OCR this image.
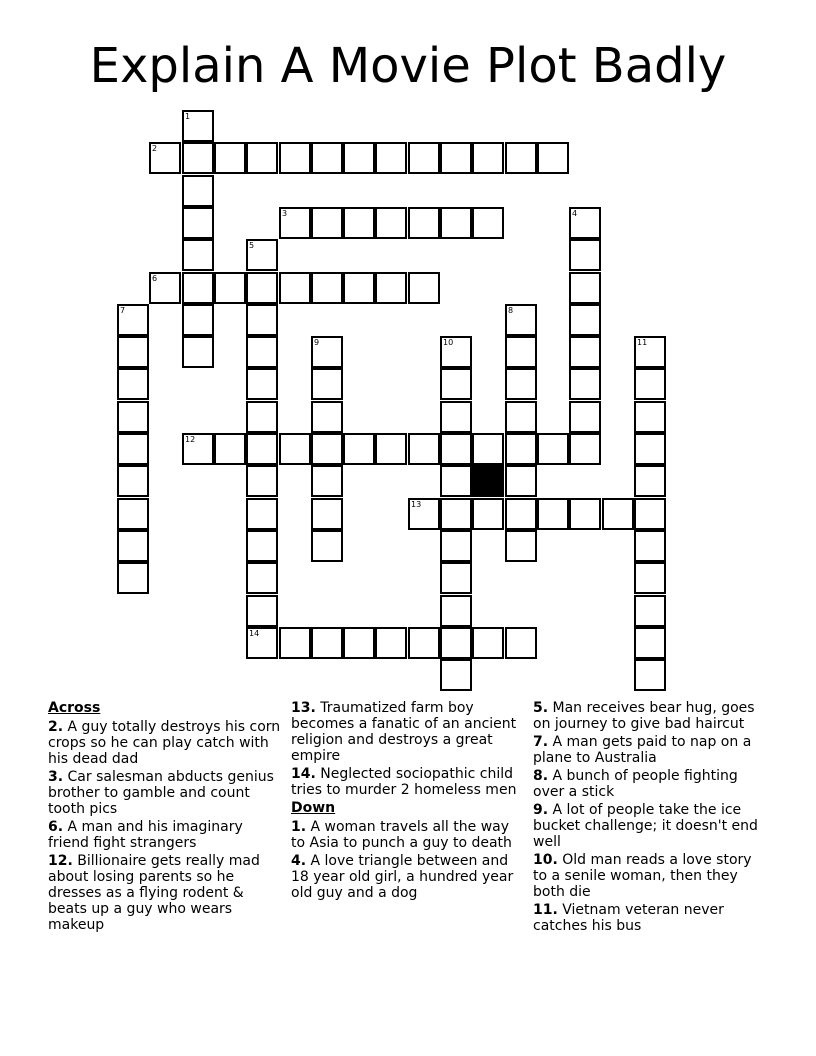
Explain A Movie Plot Badly
1
2
3	4
5
6
7	8
9	10	11
12
13
14
Across
2. A guy totally destroys his corn crops so he can play catch with his dead dad
3. Car salesman abducts genius brother to gamble and count tooth pics
6. A man and his imaginary friend fight strangers
12. Billionaire gets really mad about losing parents so he dresses as a flying rodent & beats up a guy who wears makeup
13. Traumatized farm boy becomes a fanatic of an ancient religion and destroys a great empire
14. Neglected sociopathic child tries to murder 2 homeless men
Down
1. A woman travels all the way to Asia to punch a guy to death
4. A love triangle between and 18 year old girl, a hundred year old guy and a dog
5. Man receives bear hug, goes on journey to give bad haircut
7. A man gets paid to nap on a plane to Australia
8. A bunch of people fighting over a stick
9. A lot of people take the ice bucket challenge; it doesn't end well
10. Old man reads a love story to a senile woman, then they both die
11. Vietnam veteran never catches his bus
